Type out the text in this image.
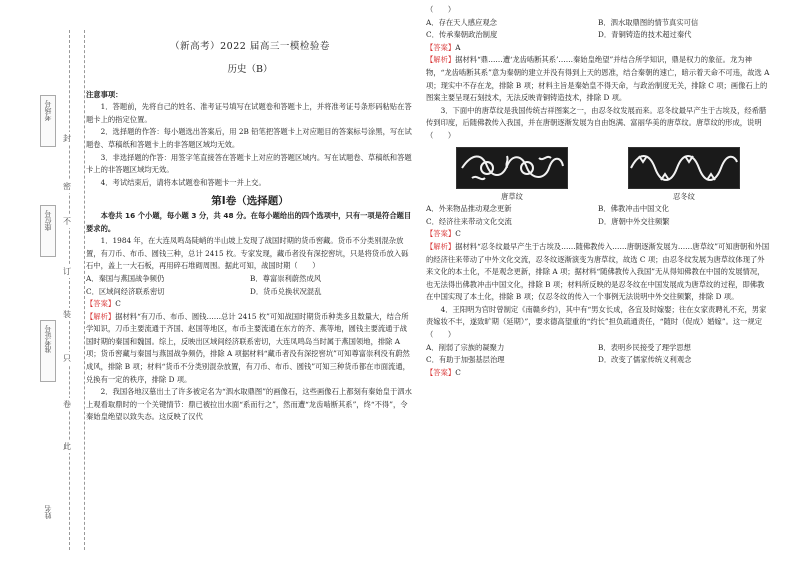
考场号
座位号
准考证号
姓名
封
密
不
订
装
只
卷
此

（新高考）2022 届高三一模检验卷

历史（B）

注意事项：

1．答题前，先将自己的姓名、准考证号填写在试题卷和答题卡上，并将准考证号条形码粘贴在答题卡上的指定位置。

2．选择题的作答：每小题选出答案后，用 2B 铅笔把答题卡上对应题目的答案标号涂黑，写在试题卷、草稿纸和答题卡上的非答题区域均无效。

3．非选择题的作答：用签字笔直接答在答题卡上对应的答题区域内。写在试题卷、草稿纸和答题卡上的非答题区域均无效。

4．考试结束后，请将本试题卷和答题卡一并上交。

第Ⅰ卷（选择题）

本卷共 16 个小题，每小题 3 分，共 48 分。在每小题给出的四个选项中，只有一项是符合题目要求的。

1．1984 年，在大连凤鸣岛陡峭的半山坡上发现了战国时期的货币窖藏。货币不分类别混杂放置，有刀币、布币、圆钱三种，总计 2415 枚。专家发现，藏币者没有深挖窖坑，只是将货币放入砾石中，盖上一大石板，再用碎石堆砌周围。据此可知，战国时期（　　）

A．秦国与燕国战争频仍	B．尊富崇利蔚然成风
C．区域间经济联系密切	D．货币兑换状况混乱

【答案】C

【解析】据材料“有刀币、布币、圆钱……总计 2415 枚”可知战国时期货币种类多且数量大，结合所学知识，刀币主要流通于齐国、赵国等地区，布币主要流通在东方的齐、燕等地，圆钱主要流通于战国时期的秦国和魏国。综上，反映出区域间经济联系密切，大连凤鸣岛当时属于燕国领地，排除 A 项；货币窖藏与秦国与燕国战争频仍，排除 A 项据材料“藏币者没有深挖窖坑”可知尊富崇利没有蔚然成风，排除 B 项；材料“货币不分类别混杂放置，有刀币、布币、圆钱”可知三种货币都在市面流通，兑换有一定的秩序，排除 D 项。

2．我国各地汉墓出土了许多被定名为“泗水取鼎图”的画像石，这些画像石上都刻有秦始皇于泗水上观看取鼎时的一个关键情节：鼎已被拉出水面“系而行之”，然而遭“龙齿啮断其系”，终“不得”，令秦始皇绝望以致失态。这反映了汉代

（　　）

A．存在天人感应观念	B．泗水取鼎图的情节真实可信
C．传承秦朝政治制度	D．青铜铸造的技术超过秦代

【答案】A

【解析】据材料“鼎……遭‘龙齿啮断其系’……秦始皇绝望”并结合所学知识，鼎是权力的象征。龙为神物，“龙齿啮断其系”意为秦朝的建立并没有得到上天的恩准，结合秦朝的速亡，暗示着天命不可违，故选 A 项；现实中不存在龙，排除 B 项；材料主旨是秦始皇不得天命，与政治制度无关，排除 C 项；画像石上的图案主要呈现石刻技术，无法反映青铜铸造技术，排除 D 项。

3．下面中的唐草纹是我国传统吉祥图案之一，由忍冬纹发展而来。忍冬纹最早产生于古埃及，经希腊传到印度，后随佛教传入我国，并在唐朝逐渐发展为自由饱满、富丽华美的唐草纹。唐草纹的形成，说明（　　）

唐草纹	忍冬纹
A．外来物品推动观念更新	B．佛教冲击中国文化
C．经济往来带动文化交流	D．唐朝中外交往频繁

【答案】C

【解析】据材料“忍冬纹最早产生于古埃及……随佛教传入……唐朝逐渐发展为……唐草纹”可知唐朝和外国的经济往来带动了中外文化交流，忍冬纹逐渐演变为唐草纹，故选 C 项；由忍冬纹发展为唐草纹体现了外来文化的本土化，不是观念更新，排除 A 项；据材料“随佛教传入我国”无从得知佛教在中国的发展情况，也无法得出佛教冲击中国文化，排除 B 项；材料所反映的是忍冬纹在中国发展成为唐草纹的过程，即佛教在中国实现了本土化，排除 B 项；仅忍冬纹的传入一个事例无法说明中外交往频繁，排除 D 项。

4．王阳明为官时曾制定《南赣乡约》，其中有“男女长成，各宜及时嫁娶；往在女家责聘礼不充，男家责嫁妆不丰，遂致旷期（延期）”，要求德高望重的“约长”担负疏通责任，“随时（促成）婚嫁”。这一规定（　　）

A．削弱了宗族的凝聚力	B．表明乡民接受了理学思想
C．有助于加强基层治理	D．改变了儒家传统义利观念

【答案】C
